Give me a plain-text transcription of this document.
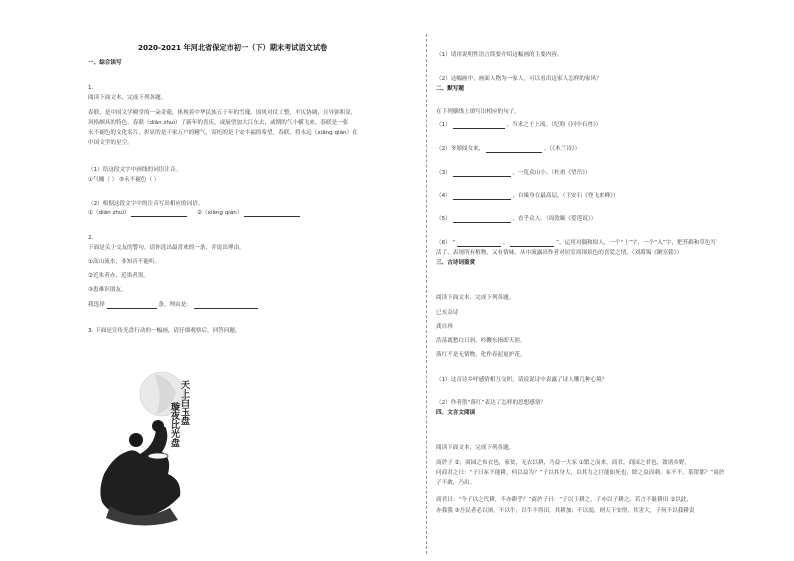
2020-2021 年河北省保定市初一（下）期末考试语文试卷
一、综合读写
1.
阅读下面文本，完成下列各题。
春联，是中国文学殿堂的一朵奇葩，体现着中华民族五千年的雪瑰，国风对仗工整，平仄协调，且导弥积显，
风格颇具的特色，春联（diān zhuì）了新年的喜庆，或展望加大江东去，或期的气小横飞来，春联是一张
永不褪色的文化名片，彰显的是千家万户的精气，寄托的是千安丰福的希望，春联，将永远（xiāng qiàn）在
中国文学的星空。
（1）给这段文字中画线的词语注音。
①气魄（ ） ⑤永不褪色（ ）
（2）根据这段文字中的注音写出相应的词语。
①（diān zhuì）	②（xiāng qiàn）
2.
下面是关于交友的警句，请你选出最喜欢的一条，并说出理由。
①高山流水，非知音不能听。
②近朱者赤，近墨者黑。
③患难识朋友。
我选择	条，理由是：
3. 下面是宣传光盘行动的一幅画，请仔细观察后，回答问题。
天上白玉盘
璇夜比光盘
（1）请用说明性语言简要介绍这幅画的主要内容。
（2）这幅画中，画面人物为一家人，可以看出这家人怎样的家风？
二、默写题
在下列横线上填写出相应的句子。
（1）	，当求之于上流。（纪昀《河中石兽》）
（2）爷娘闻女来，	。（《木兰诗》）
（3）	，一览众山小。（杜甫《望岳》）
（4）	，自缘身在最高层。（王安石《登飞来峰》）
（5）	，直乎众人。（周敦颐《爱莲说》）
（6） “	，	”，运用对偶和拟人，一个“上”字，一个“入”字，把苔藓和草色写
活了，表现所有植物，又有情味，从中流露出作者对居室周围景色的喜爱之情。（刘禹锡《陋室铭》）
三、古诗词鉴赏
阅读下面文本，完成下列各题。
已亥杂诗
龚自珍
浩荡离愁白日斜，吟鞭东指即天涯。
落红不是无情物，化作春泥更护花。
（1）这首诗乡呼感情相互交织，请说说诗中表露了诗人哪几种心境？
（2）作者借“落红”表达了怎样的思想感情？
四、文言文阅读
阅读下面文本，完成下列各题。
商於子 ②，商园之布衣也，家贫，无衣以耕，乃益一大豕 ①繁之而来，商君，商园之君也，敛诸乡野，
问商君之曰：“子曰豕不能耕，何以益为？”子以其身大，以其力之巨能如死也，除之益而刺。豕不不，茶钳那？”商於
子不敢，乃出。
商君曰：“今子以之代耕，不亦耕乎？”商於子曰：“子以于耕之，子亦以子耕之，若言不耻耕田 ②以此，
亦我我 ③吾民者必以须，不以牛，以牛不得田，其耕加；不以弱，则天下安得，其害大，子何不以我耕责
